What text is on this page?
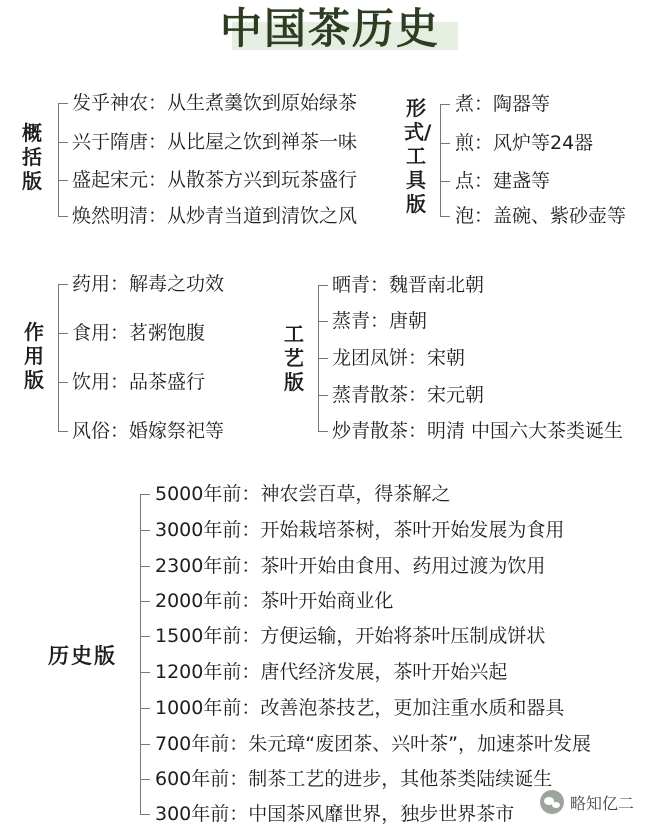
中国茶历史
概括版
发乎神农：从生煮羹饮到原始绿茶
兴于隋唐：从比屋之饮到禅茶一味
盛起宋元：从散茶方兴到玩茶盛行
焕然明清：从炒青当道到清饮之风
形式/工具版
煮：陶器等
煎：风炉等24器
点：建盏等
泡：盖碗、紫砂壶等
作用版
药用：解毒之功效
食用：茗粥饱腹
饮用：品茶盛行
风俗：婚嫁祭祀等
工艺版
晒青：魏晋南北朝
蒸青：唐朝
龙团凤饼：宋朝
蒸青散茶：宋元朝
炒青散茶：明清 中国六大茶类诞生
历史版
5000年前：神农尝百草，得茶解之
3000年前：开始栽培茶树，茶叶开始发展为食用
2300年前：茶叶开始由食用、药用过渡为饮用
2000年前：茶叶开始商业化
1500年前：方便运输，开始将茶叶压制成饼状
1200年前：唐代经济发展，茶叶开始兴起
1000年前：改善泡茶技艺，更加注重水质和器具
700年前：朱元璋“废团茶、兴叶茶”，加速茶叶发展
600年前：制茶工艺的进步，其他茶类陆续诞生
300年前：中国茶风靡世界，独步世界茶市	略知亿二
